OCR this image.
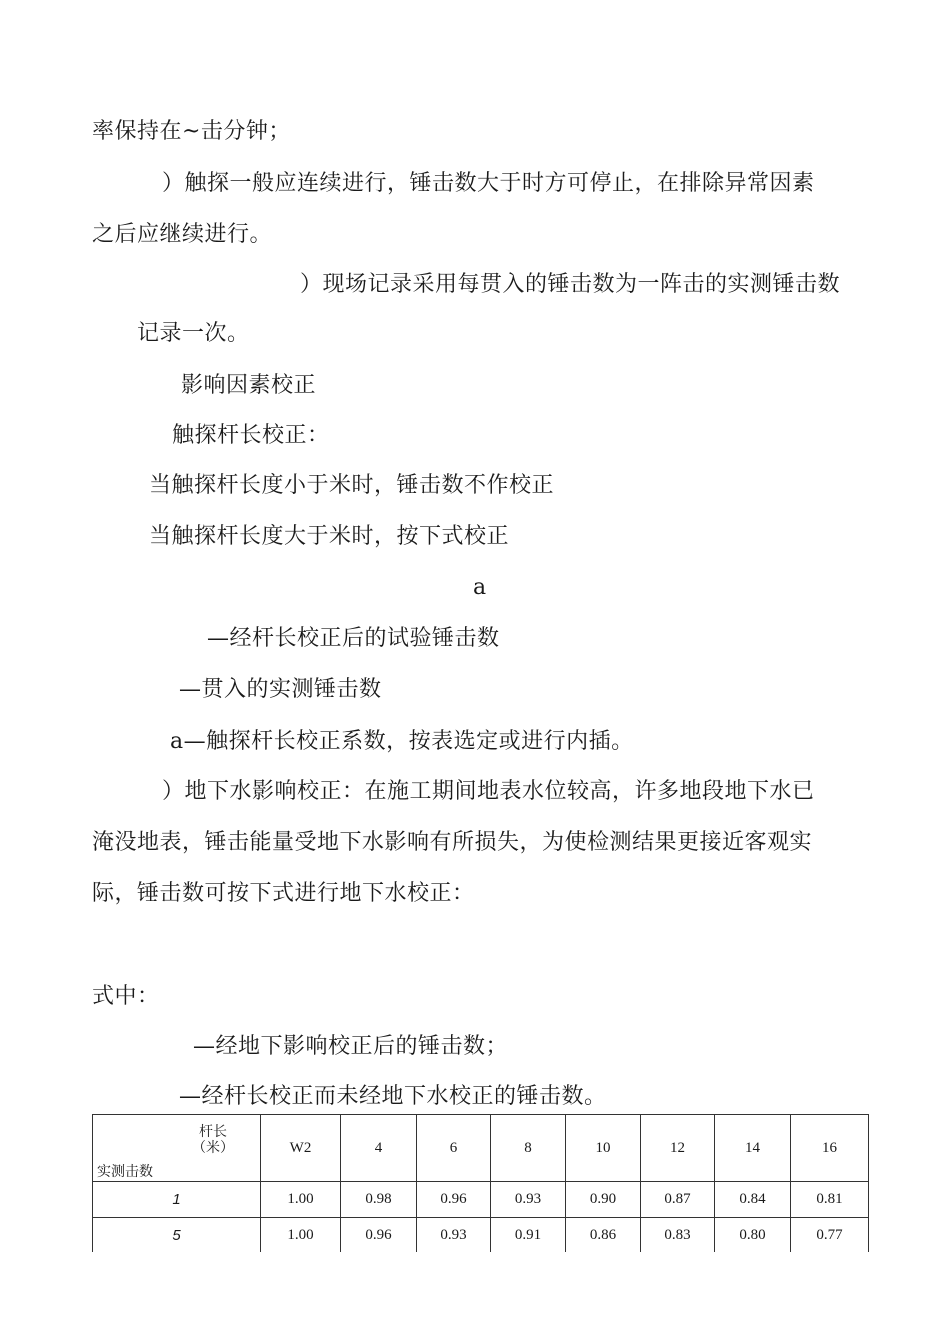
率保持在~击分钟；
）触探一般应连续进行，锤击数大于时方可停止，在排除异常因素
之后应继续进行。
）现场记录采用每贯入的锤击数为一阵击的实测锤击数
记录一次。
影响因素校正
触探杆长校正：
当触探杆长度小于米时，锤击数不作校正
当触探杆长度大于米时，按下式校正
a
—经杆长校正后的试验锤击数
—贯入的实测锤击数
a—触探杆长校正系数，按表选定或进行内插。
）地下水影响校正：在施工期间地表水位较高，许多地段地下水已
淹没地表，锤击能量受地下水影响有所损失，为使检测结果更接近客观实
际，锤击数可按下式进行地下水校正：
式中：
—经地下影响校正后的锤击数；
—经杆长校正而未经地下水校正的锤击数。
杆长
（米）
实测击数	W2	4	6	8	10	12	14	16
1	1.00	0.98	0.96	0.93	0.90	0.87	0.84	0.81
5	1.00	0.96	0.93	0.91	0.86	0.83	0.80	0.77
